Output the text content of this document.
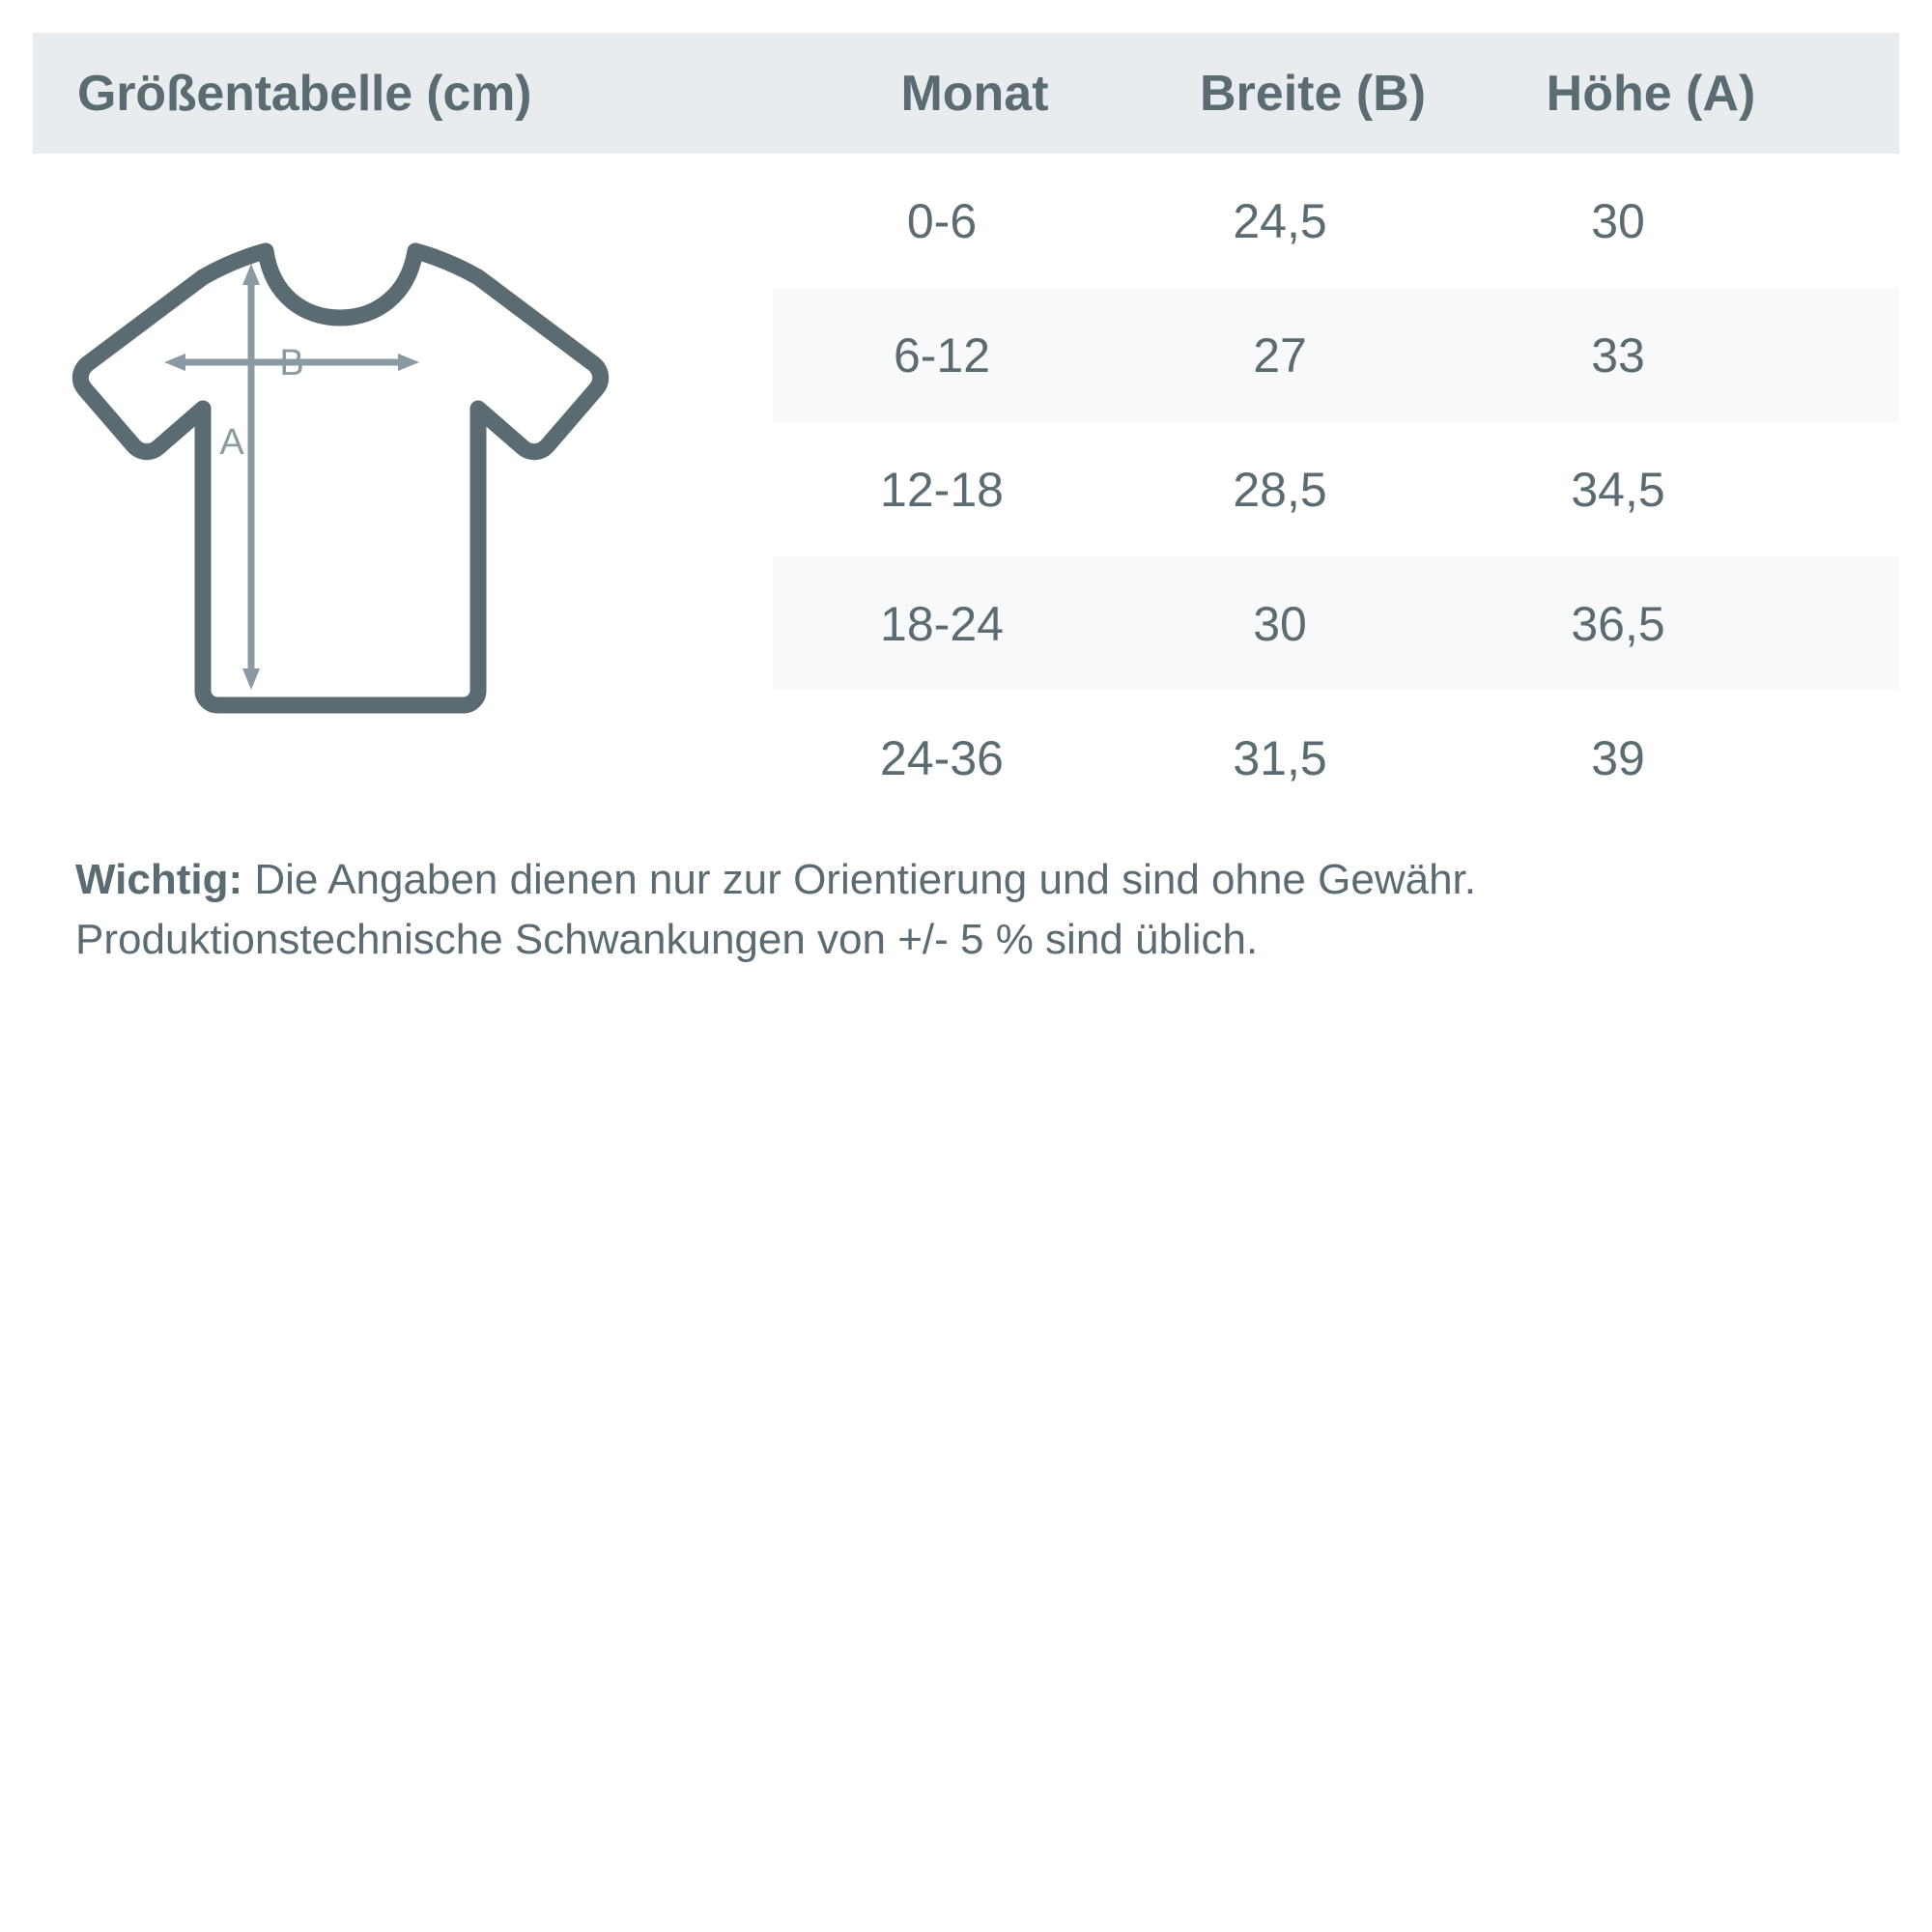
Größentabelle (cm)	Monat	Breite (B)	Höhe (A)
A
B
0-6	24,5	30
6-12	27	33
12-18	28,5	34,5
18-24	30	36,5
24-36	31,5	39
Wichtig: Die Angaben dienen nur zur Orientierung und sind ohne Gewähr. Produktionstechnische Schwankungen von +/- 5 % sind üblich.
